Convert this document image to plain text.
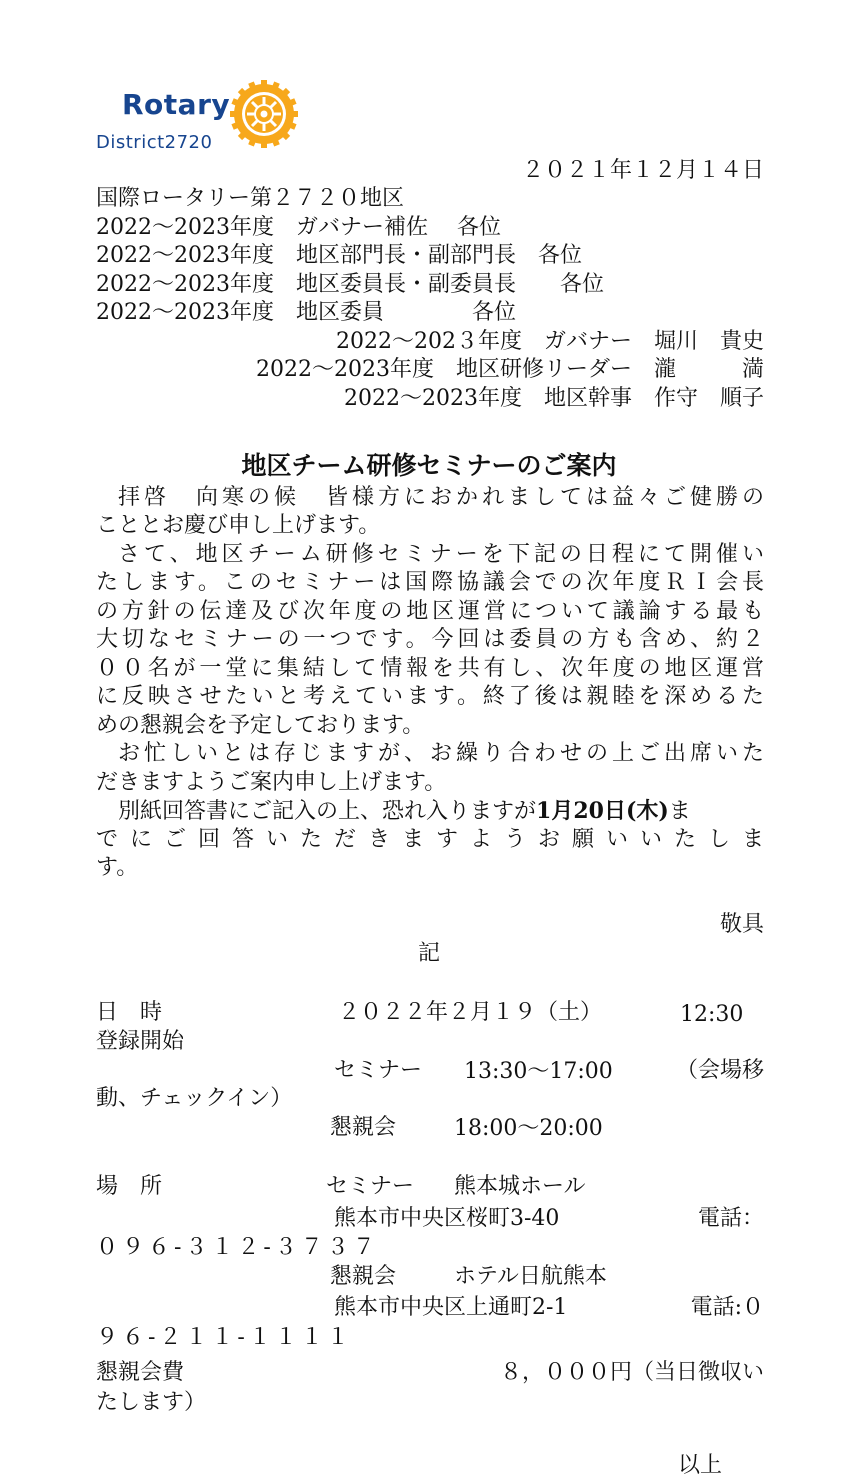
Rotary
District2720
２０２１年１２月１４日
国際ロータリー第２７２０地区
2022〜2023年度　ガバナー補佐　 各位
2022〜2023年度　地区部門長・副部門長　各位
2022〜2023年度　地区委員長・副委員長　　各位
2022〜2023年度　地区委員　　　　各位
2022〜202３年度　ガバナー　堀川　貴史
2022〜2023年度　地区研修リーダー　瀧　　　満
2022〜2023年度　地区幹事　作守　順子
地区チーム研修セミナーのご案内
拝啓　向寒の候　皆様方におかれましては益々ご健勝の
こととお慶び申し上げます。
さて、地区チーム研修セミナーを下記の日程にて開催い
たします。このセミナーは国際協議会での次年度ＲＩ会長
の方針の伝達及び次年度の地区運営について議論する最も
大切なセミナーの一つです。今回は委員の方も含め、約２
００名が一堂に集結して情報を共有し、次年度の地区運営
に反映させたいと考えています。終了後は親睦を深めるた
めの懇親会を予定しております。
お忙しいとは存じますが、お繰り合わせの上ご出席いた
だきますようご案内申し上げます。
別紙回答書にご記入の上、恐れ入りますが1月20日(木)ま
でにご回答いただきますようお願いいたしま
す。
敬具
記
日　時	２０２２年２月１９（土）	12:30
登録開始
セミナー 13:30〜17:00	（会場移
動、チェックイン）
懇親会	18:00〜20:00
場　所	セミナー 熊本城ホール
熊本市中央区桜町3-40	電話：
０９６-３１２-３７３７
懇親会	ホテル日航熊本
熊本市中央区上通町2-1	電話:０
９６-２１１-１１１１
懇親会費	８，０００円（当日徴収い
たします）
以上
